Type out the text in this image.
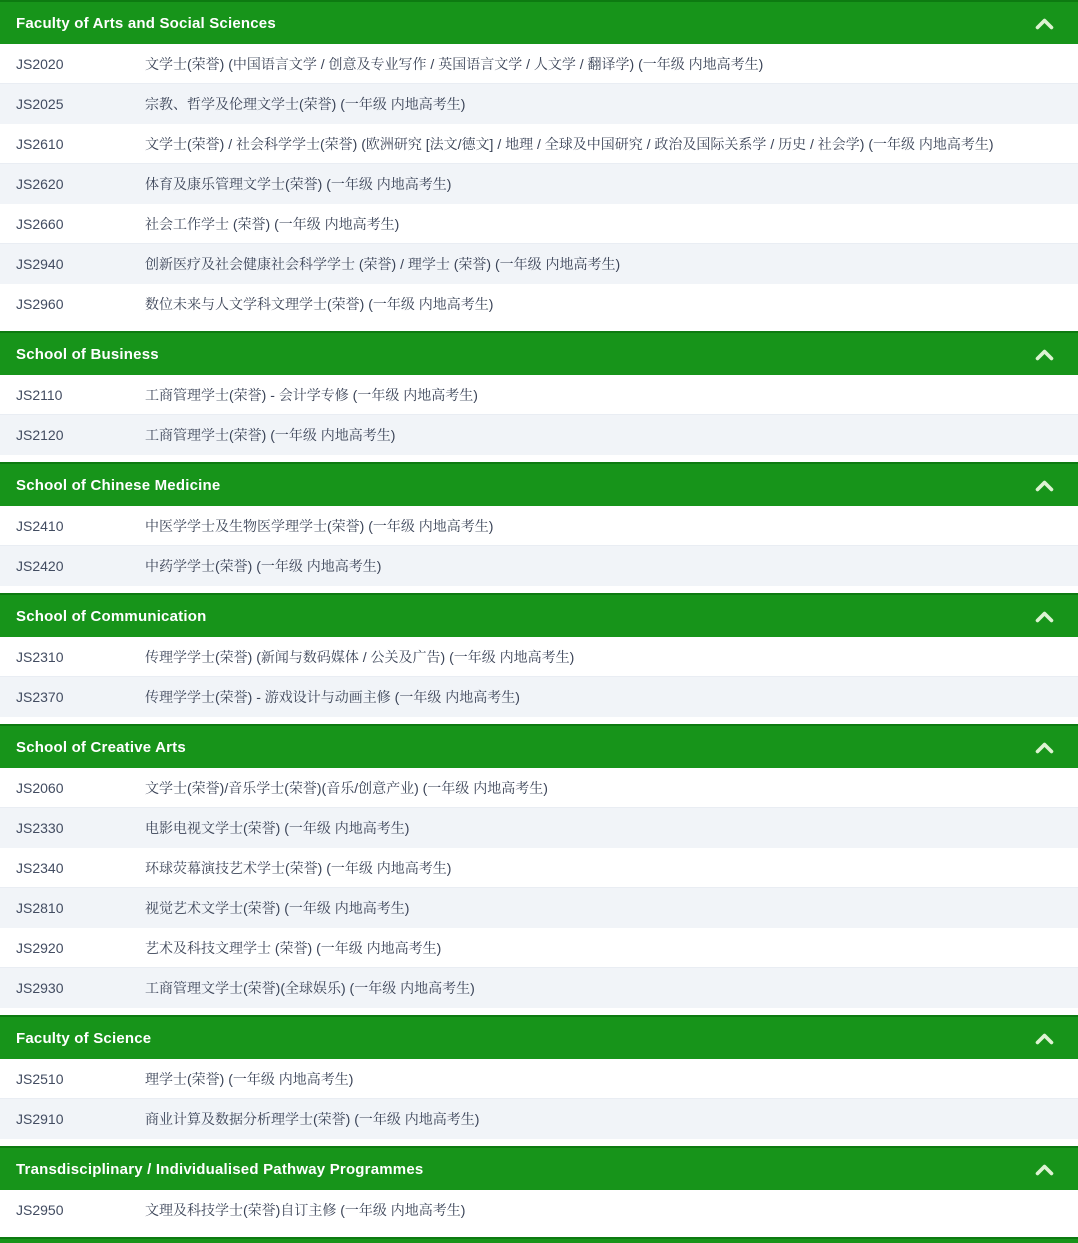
Faculty of Arts and Social Sciences
JS2020	文学士(荣誉) (中国语言文学 / 创意及专业写作 / 英国语言文学 / 人文学 / 翻译学) (一年级 内地高考生)
JS2025	宗教、哲学及伦理文学士(荣誉) (一年级 内地高考生)
JS2610	文学士(荣誉) / 社会科学学士(荣誉) (欧洲研究 [法文/德文] / 地理 / 全球及中国研究 / 政治及国际关系学 / 历史 / 社会学) (一年级 内地高考生)
JS2620	体育及康乐管理文学士(荣誉) (一年级 内地高考生)
JS2660	社会工作学士 (荣誉) (一年级 内地高考生)
JS2940	创新医疗及社会健康社会科学学士 (荣誉) / 理学士 (荣誉) (一年级 内地高考生)
JS2960	数位未来与人文学科文理学士(荣誉) (一年级 内地高考生)
School of Business
JS2110	工商管理学士(荣誉) - 会计学专修 (一年级 内地高考生)
JS2120	工商管理学士(荣誉) (一年级 内地高考生)
School of Chinese Medicine
JS2410	中医学学士及生物医学理学士(荣誉) (一年级 内地高考生)
JS2420	中药学学士(荣誉) (一年级 内地高考生)
School of Communication
JS2310	传理学学士(荣誉) (新闻与数码媒体 / 公关及广告) (一年级 内地高考生)
JS2370	传理学学士(荣誉) - 游戏设计与动画主修 (一年级 内地高考生)
School of Creative Arts
JS2060	文学士(荣誉)/音乐学士(荣誉)(音乐/创意产业) (一年级 内地高考生)
JS2330	电影电视文学士(荣誉) (一年级 内地高考生)
JS2340	环球荧幕演技艺术学士(荣誉) (一年级 内地高考生)
JS2810	视觉艺术文学士(荣誉) (一年级 内地高考生)
JS2920	艺术及科技文理学士 (荣誉) (一年级 内地高考生)
JS2930	工商管理文学士(荣誉)(全球娱乐) (一年级 内地高考生)
Faculty of Science
JS2510	理学士(荣誉) (一年级 内地高考生)
JS2910	商业计算及数据分析理学士(荣誉) (一年级 内地高考生)
Transdisciplinary / Individualised Pathway Programmes
JS2950	文理及科技学士(荣誉)自订主修 (一年级 内地高考生)
